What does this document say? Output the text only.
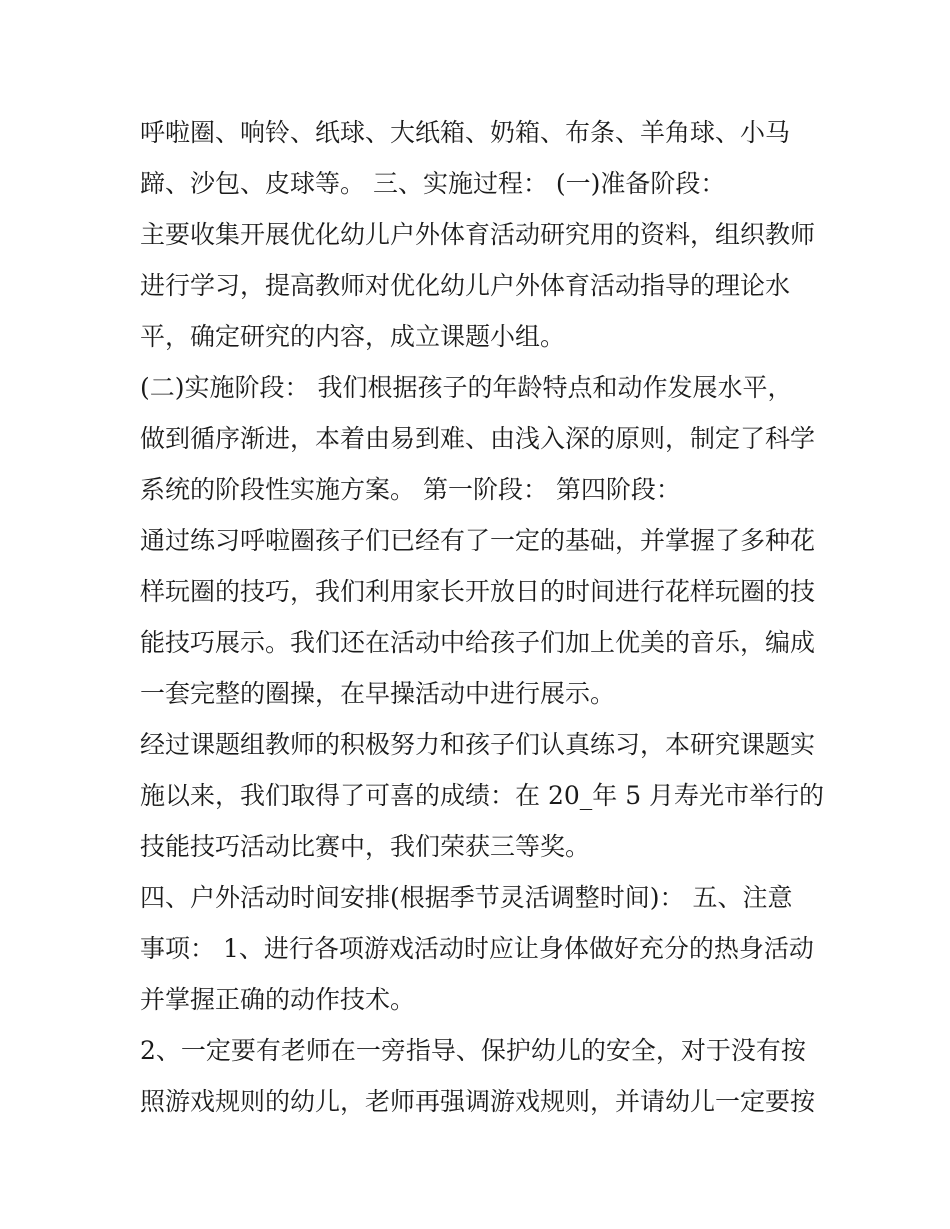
呼啦圈、响铃、纸球、大纸箱、奶箱、布条、羊角球、小马
蹄、沙包、皮球等。 三、实施过程： (一)准备阶段：
主要收集开展优化幼儿户外体育活动研究用的资料，组织教师
进行学习，提高教师对优化幼儿户外体育活动指导的理论水
平，确定研究的内容，成立课题小组。
(二)实施阶段： 我们根据孩子的年龄特点和动作发展水平，
做到循序渐进，本着由易到难、由浅入深的原则，制定了科学
系统的阶段性实施方案。 第一阶段： 第四阶段：
通过练习呼啦圈孩子们已经有了一定的基础，并掌握了多种花
样玩圈的技巧，我们利用家长开放日的时间进行花样玩圈的技
能技巧展示。我们还在活动中给孩子们加上优美的音乐，编成
一套完整的圈操，在早操活动中进行展示。
经过课题组教师的积极努力和孩子们认真练习，本研究课题实
施以来，我们取得了可喜的成绩：在 20_年 5 月寿光市举行的
技能技巧活动比赛中，我们荣获三等奖。
四、户外活动时间安排(根据季节灵活调整时间)： 五、注意
事项： 1、进行各项游戏活动时应让身体做好充分的热身活动
并掌握正确的动作技术。
2、一定要有老师在一旁指导、保护幼儿的安全，对于没有按
照游戏规则的幼儿，老师再强调游戏规则，并请幼儿一定要按
